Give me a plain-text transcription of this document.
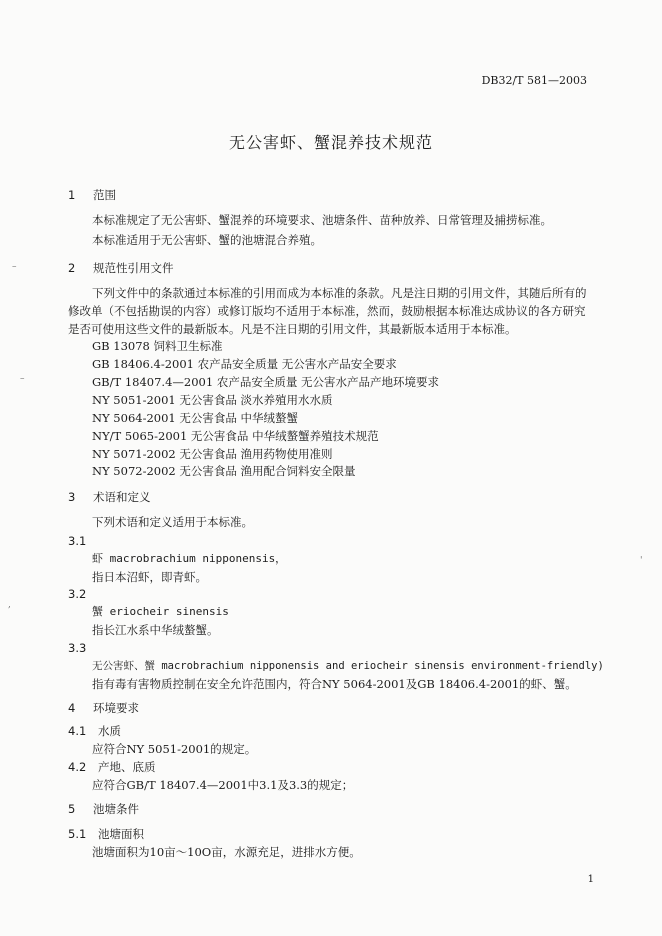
DB32/T 581—2003
无公害虾、蟹混养技术规范
1 范围
本标准规定了无公害虾、蟹混养的环境要求、池塘条件、苗种放养、日常管理及捕捞标准。
本标准适用于无公害虾、蟹的池塘混合养殖。
2 规范性引用文件
下列文件中的条款通过本标准的引用而成为本标准的条款。凡是注日期的引用文件，其随后所有的
修改单（不包括勘误的内容）或修订版均不适用于本标准，然而，鼓励根据本标准达成协议的各方研究
是否可使用这些文件的最新版本。凡是不注日期的引用文件，其最新版本适用于本标准。
GB 13078 饲料卫生标准
GB 18406.4-2001 农产品安全质量 无公害水产品安全要求
GB/T 18407.4—2001 农产品安全质量 无公害水产品产地环境要求
NY 5051-2001 无公害食品 淡水养殖用水水质
NY 5064-2001 无公害食品 中华绒螯蟹
NY/T 5065-2001 无公害食品 中华绒螯蟹养殖技术规范
NY 5071-2002 无公害食品 渔用药物使用准则
NY 5072-2002 无公害食品 渔用配合饲料安全限量
3 术语和定义
下列术语和定义适用于本标准。
3.1
虾 macrobrachium nipponensis，
指日本沼虾，即青虾。
3.2
蟹 eriocheir sinensis
指长江水系中华绒螯蟹。
3.3
无公害虾、蟹 macrobrachium nipponensis and eriocheir sinensis environment-friendly)
指有毒有害物质控制在安全允许范围内，符合NY 5064-2001及GB 18406.4-2001的虾、蟹。
4 环境要求
4.1 水质
应符合NY 5051-2001的规定。
4.2 产地、底质
应符合GB/T 18407.4—2001中3.1及3.3的规定；
5 池塘条件
5.1 池塘面积
池塘面积为10亩～10O亩，水源充足，进排水方便。
1
–
–
,
'
